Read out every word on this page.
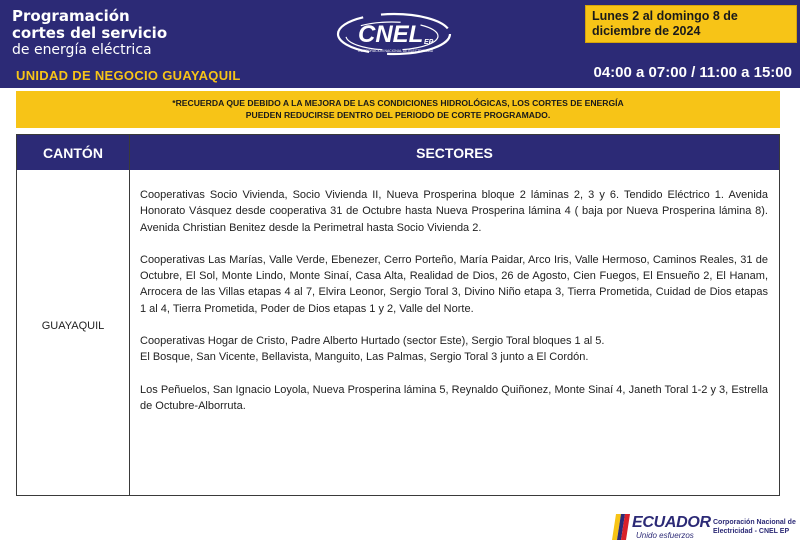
Programación
cortes del servicio
de energía eléctrica
UNIDAD DE NEGOCIO GUAYAQUIL
CNEL EP
CORPORACIÓN NACIONAL DE ELECTRICIDAD
Lunes 2 al domingo 8 de diciembre de 2024
04:00 a 07:00 / 11:00 a 15:00
*RECUERDA QUE DEBIDO A LA MEJORA DE LAS CONDICIONES HIDROLÓGICAS, LOS CORTES DE ENERGÍA
PUEDEN REDUCIRSE DENTRO DEL PERIODO DE CORTE PROGRAMADO.
CANTÓN	SECTORES
GUAYAQUIL

Cooperativas Socio Vivienda, Socio Vivienda II, Nueva Prosperina bloque 2 láminas 2, 3 y 6. Tendido Eléctrico 1. Avenida Honorato Vásquez desde cooperativa 31 de Octubre hasta Nueva Prosperina lámina 4 ( baja por Nueva Prosperina lámina 8). Avenida Christian Benitez desde la Perimetral hasta Socio Vivienda 2.

Cooperativas Las Marías, Valle Verde, Ebenezer, Cerro Porteño, María Paidar, Arco Iris, Valle Hermoso, Caminos Reales, 31 de Octubre, El Sol, Monte Lindo, Monte Sinaí, Casa Alta, Realidad de Dios, 26 de Agosto, Cien Fuegos, El Ensueño 2, El Hanam, Arrocera de las Villas etapas 4 al 7, Elvira Leonor, Sergio Toral 3, Divino Niño etapa 3, Tierra Prometida, Cuidad de Dios etapas 1 al 4, Tierra Prometida, Poder de Dios etapas 1 y 2, Valle del Norte.

Cooperativas Hogar de Cristo, Padre Alberto Hurtado (sector Este), Sergio Toral bloques 1 al 5.
El Bosque, San Vicente, Bellavista, Manguito, Las Palmas, Sergio Toral 3 junto a El Cordón.

Los Peñuelos, San Ignacio Loyola, Nueva Prosperina lámina 5, Reynaldo Quiñonez, Monte Sinaí 4, Janeth Toral 1-2 y 3, Estrella de Octubre-Alborruta.

ECUADOR
Unido esfuerzos
Corporación Nacional de Electricidad - CNEL EP
